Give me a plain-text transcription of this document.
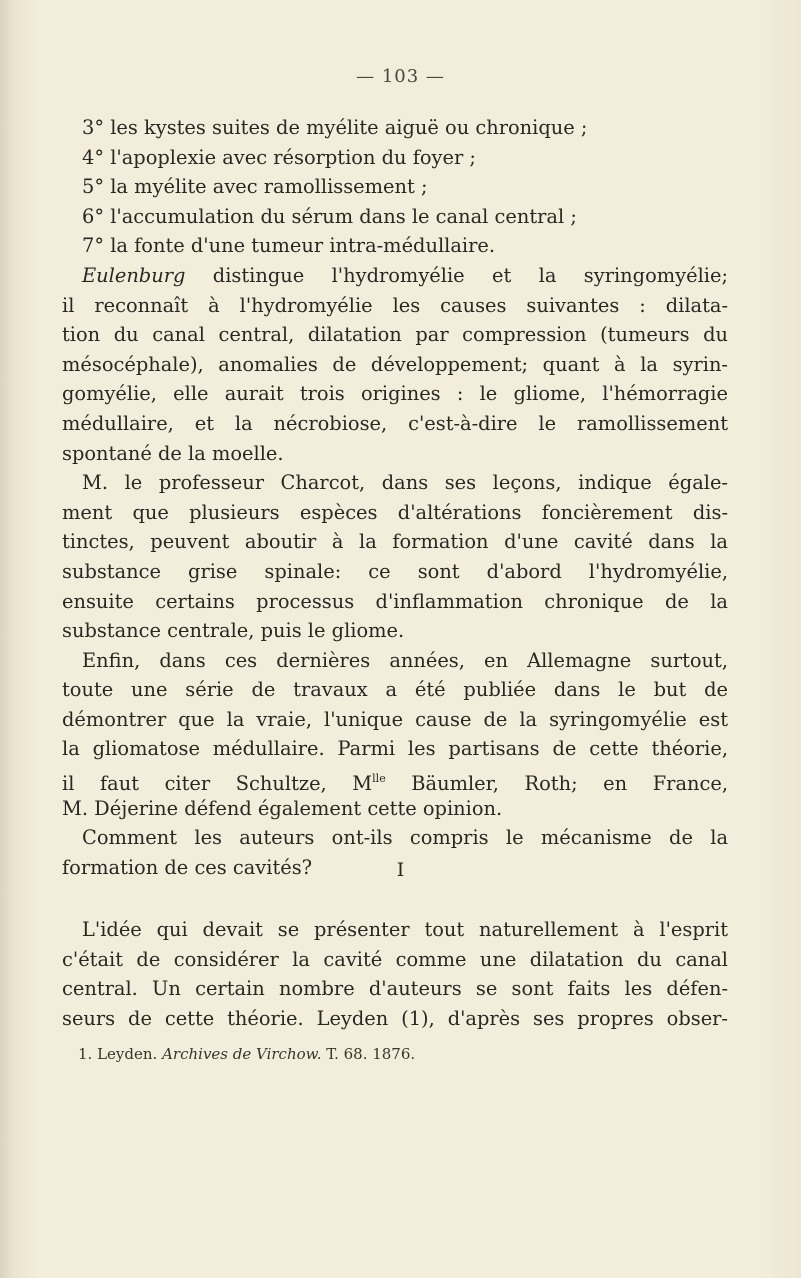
— 103 —
3° les kystes suites de myélite aiguë ou chronique ;
4° l'apoplexie avec résorption du foyer ;
5° la myélite avec ramollissement ;
6° l'accumulation du sérum dans le canal central ;
7° la fonte d'une tumeur intra-médullaire.
Eulenburg distingue l'hydromyélie et la syringomyélie;
il reconnaît à l'hydromyélie les causes suivantes : dilata-
tion du canal central, dilatation par compression (tumeurs du
mésocéphale), anomalies de développement; quant à la syrin-
gomyélie, elle aurait trois origines : le gliome, l'hémorragie
médullaire, et la nécrobiose, c'est-à-dire le ramollissement
spontané de la moelle.
M. le professeur Charcot, dans ses leçons, indique égale-
ment que plusieurs espèces d'altérations foncièrement dis-
tinctes, peuvent aboutir à la formation d'une cavité dans la
substance grise spinale: ce sont d'abord l'hydromyélie,
ensuite certains processus d'inflammation chronique de la
substance centrale, puis le gliome.
Enfin, dans ces dernières années, en Allemagne surtout,
toute une série de travaux a été publiée dans le but de
démontrer que la vraie, l'unique cause de la syringomyélie est
la gliomatose médullaire. Parmi les partisans de cette théorie,
il faut citer Schultze, $M^{lle}$ Bäumler, Roth; en France,
M. Déjerine défend également cette opinion.
Comment les auteurs ont-ils compris le mécanisme de la
formation de ces cavités?	I
L'idée qui devait se présenter tout naturellement à l'esprit
c'était de considérer la cavité comme une dilatation du canal
central. Un certain nombre d'auteurs se sont faits les défen-
seurs de cette théorie. Leyden (1), d'après ses propres obser-
1. Leyden. Archives de Virchow. T. 68. 1876.
